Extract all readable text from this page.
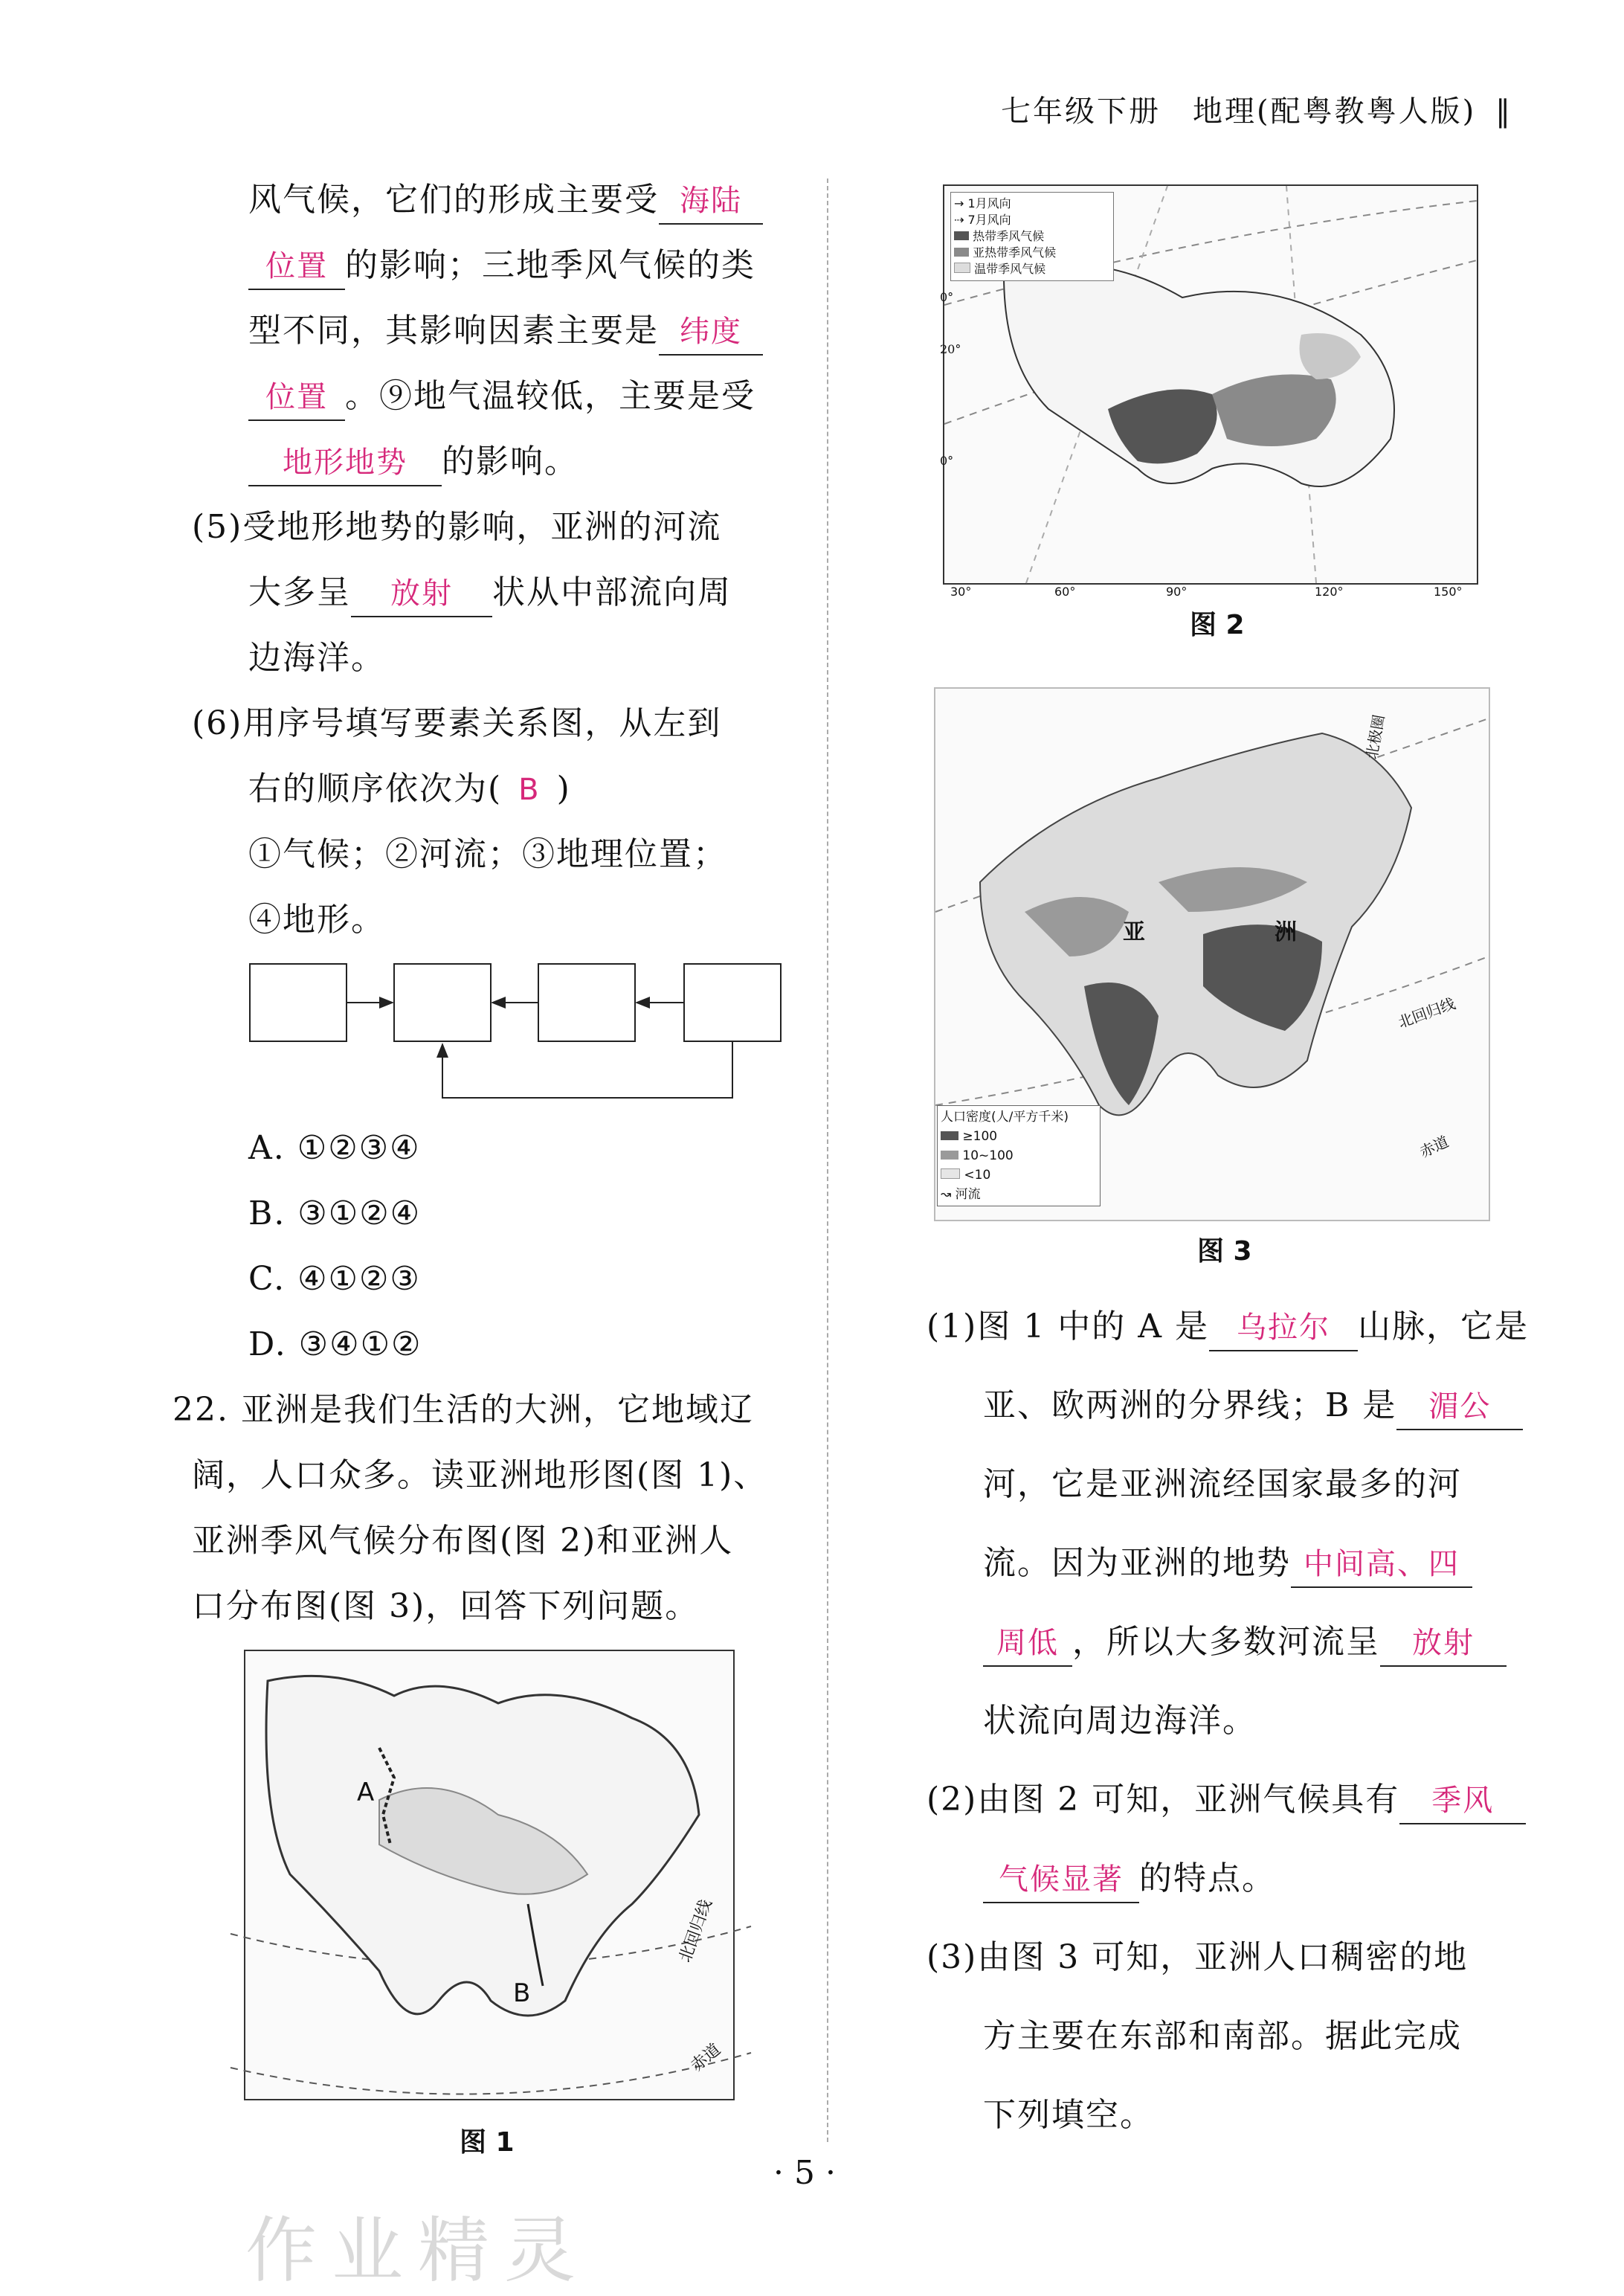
七年级下册　地理(配粤教粤人版) ‖
风气候，它们的形成主要受 海陆
位置 的影响；三地季风气候的类
型不同，其影响因素主要是 纬度
位置 。⑨地气温较低，主要是受
地形地势 的影响。
(5)受地形地势的影响，亚洲的河流
大多呈 放射 状从中部流向周
边海洋。
(6)用序号填写要素关系图，从左到
右的顺序依次为( B )
①气候；②河流；③地理位置；
④地形。
A. ①②③④
B. ③①②④
C. ④①②③
D. ③④①②
22. 亚洲是我们生活的大洲，它地域辽
阔，人口众多。读亚洲地形图(图 1)、
亚洲季风气候分布图(图 2)和亚洲人
口分布图(图 3)，回答下列问题。
A
B
北回归线
赤道
图 1
→ 1月风向
⇢ 7月风向
热带季风气候
亚热带季风气候
温带季风气候
0°
20°
0°
30°	60°	90°	120°	150°
图 2
亚	洲
北极圈
北回归线
赤道
人口密度(人/平方千米)
≥100
10~100
<10
↝ 河流
图 3
(1)图 1 中的 A 是 乌拉尔 山脉，它是
亚、欧两洲的分界线；B 是 湄公
河，它是亚洲流经国家最多的河
流。因为亚洲的地势 中间高、四
周低 ，所以大多数河流呈 放射
状流向周边海洋。
(2)由图 2 可知，亚洲气候具有 季风
气候显著 的特点。
(3)由图 3 可知，亚洲人口稠密的地
方主要在东部和南部。据此完成
下列填空。
· 5 ·
作业精灵
